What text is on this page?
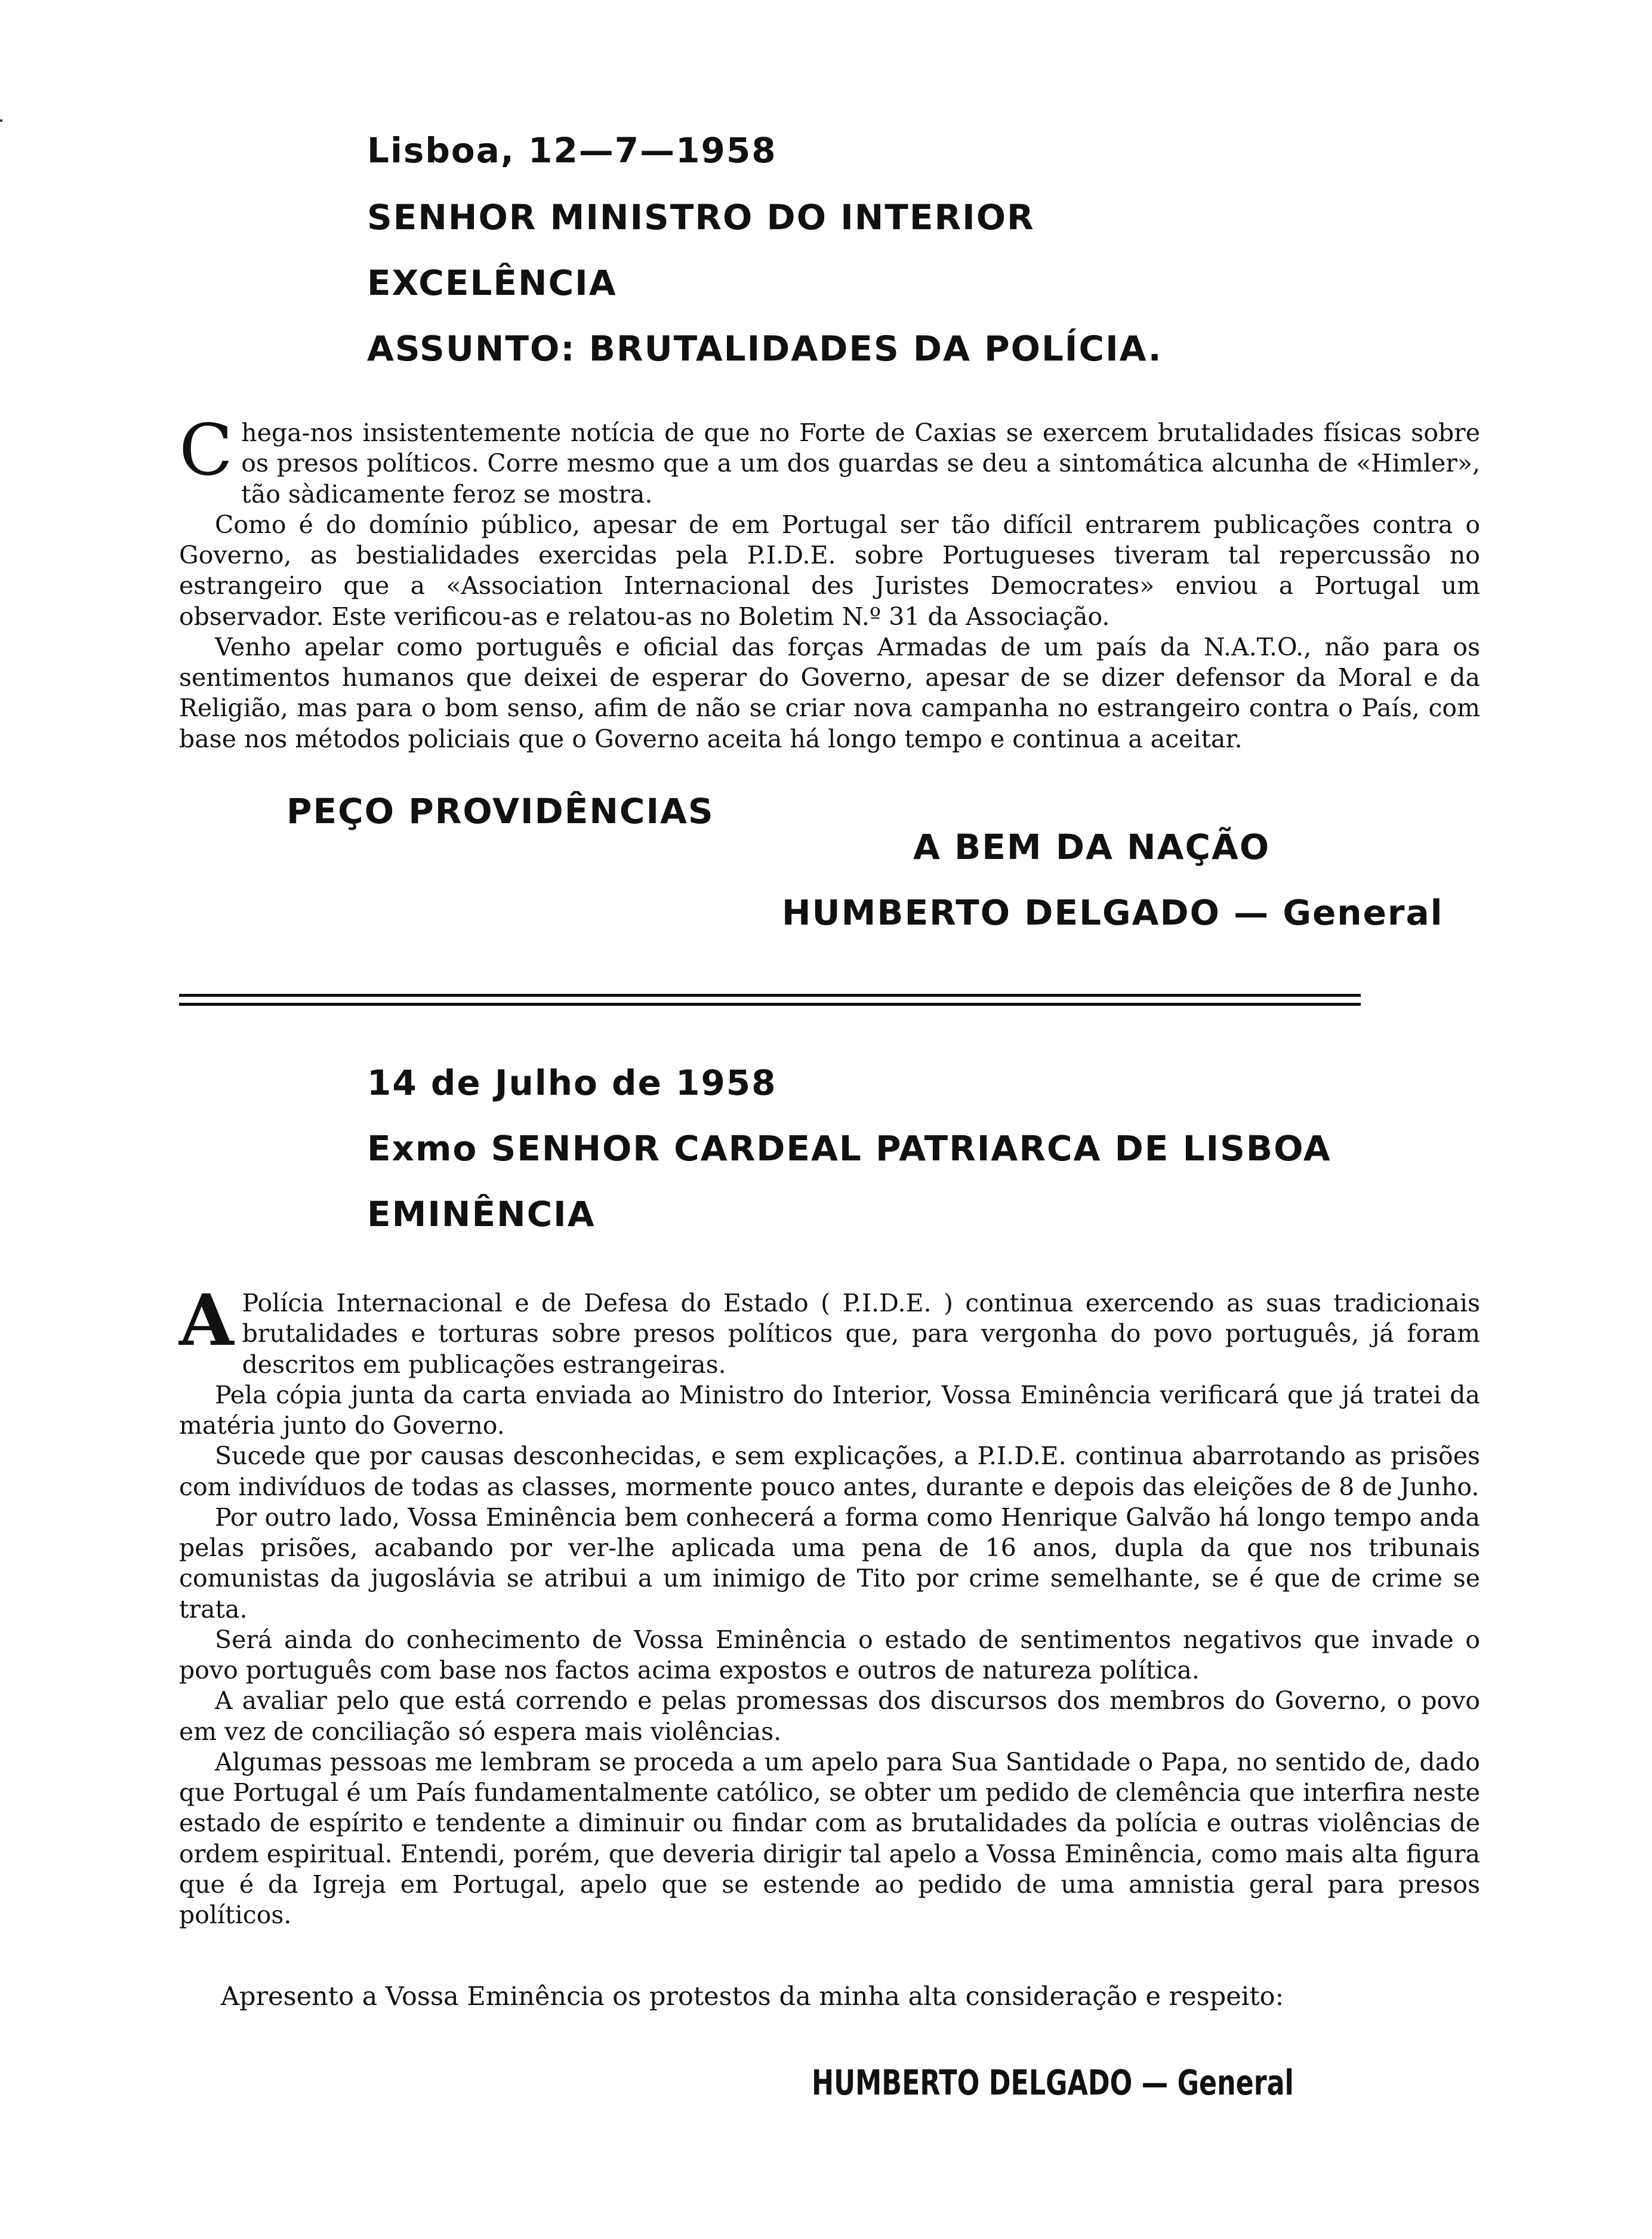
Lisboa, 12—7—1958
SENHOR MINISTRO DO INTERIOR
EXCELÊNCIA
ASSUNTO: BRUTALIDADES DA POLÍCIA.

Chega-nos insistentemente notícia de que no Forte de Caxias se exercem brutalidades físicas sobre os presos políticos. Corre mesmo que a um dos guardas se deu a sintomática alcunha de «Himler», tão sàdicamente feroz se mostra.

Como é do domínio público, apesar de em Portugal ser tão difícil entrarem publicações contra o Governo, as bestialidades exercidas pela P.I.D.E. sobre Portugueses tiveram tal repercussão no estrangeiro que a «Association Internacional des Juristes Democrates» enviou a Portugal um observador. Este verificou-as e relatou-as no Boletim N.º 31 da Associação.

Venho apelar como português e oficial das forças Armadas de um país da N.A.T.O., não para os sentimentos humanos que deixei de esperar do Governo, apesar de se dizer defensor da Moral e da Religião, mas para o bom senso, afim de não se criar nova campanha no estrangeiro contra o País, com base nos métodos policiais que o Governo aceita há longo tempo e continua a aceitar.

PEÇO PROVIDÊNCIAS
A BEM DA NAÇÃO
HUMBERTO DELGADO — General
14 de Julho de 1958
Exmo SENHOR CARDEAL PATRIARCA DE LISBOA
EMINÊNCIA

A Polícia Internacional e de Defesa do Estado ( P.I.D.E. ) continua exercendo as suas tradicionais brutalidades e torturas sobre presos políticos que, para vergonha do povo português, já foram descritos em publicações estrangeiras.

Pela cópia junta da carta enviada ao Ministro do Interior, Vossa Eminência verificará que já tratei da matéria junto do Governo.

Sucede que por causas desconhecidas, e sem explicações, a P.I.D.E. continua abarrotando as prisões com indivíduos de todas as classes, mormente pouco antes, durante e depois das eleições de 8 de Junho.

Por outro lado, Vossa Eminência bem conhecerá a forma como Henrique Galvão há longo tempo anda pelas prisões, acabando por ver-lhe aplicada uma pena de 16 anos, dupla da que nos tribunais comunistas da jugoslávia se atribui a um inimigo de Tito por crime semelhante, se é que de crime se trata.

Será ainda do conhecimento de Vossa Eminência o estado de sentimentos negativos que invade o povo português com base nos factos acima expostos e outros de natureza política.

A avaliar pelo que está correndo e pelas promessas dos discursos dos membros do Governo, o povo em vez de conciliação só espera mais violências.

Algumas pessoas me lembram se proceda a um apelo para Sua Santidade o Papa, no sentido de, dado que Portugal é um País fundamentalmente católico, se obter um pedido de clemência que interfira neste estado de espírito e tendente a diminuir ou findar com as brutalidades da polícia e outras violências de ordem espiritual. Entendi, porém, que deveria dirigir tal apelo a Vossa Eminência, como mais alta figura que é da Igreja em Portugal, apelo que se estende ao pedido de uma amnistia geral para presos políticos.

Apresento a Vossa Eminência os protestos da minha alta consideração e respeito:
HUMBERTO DELGADO — General
